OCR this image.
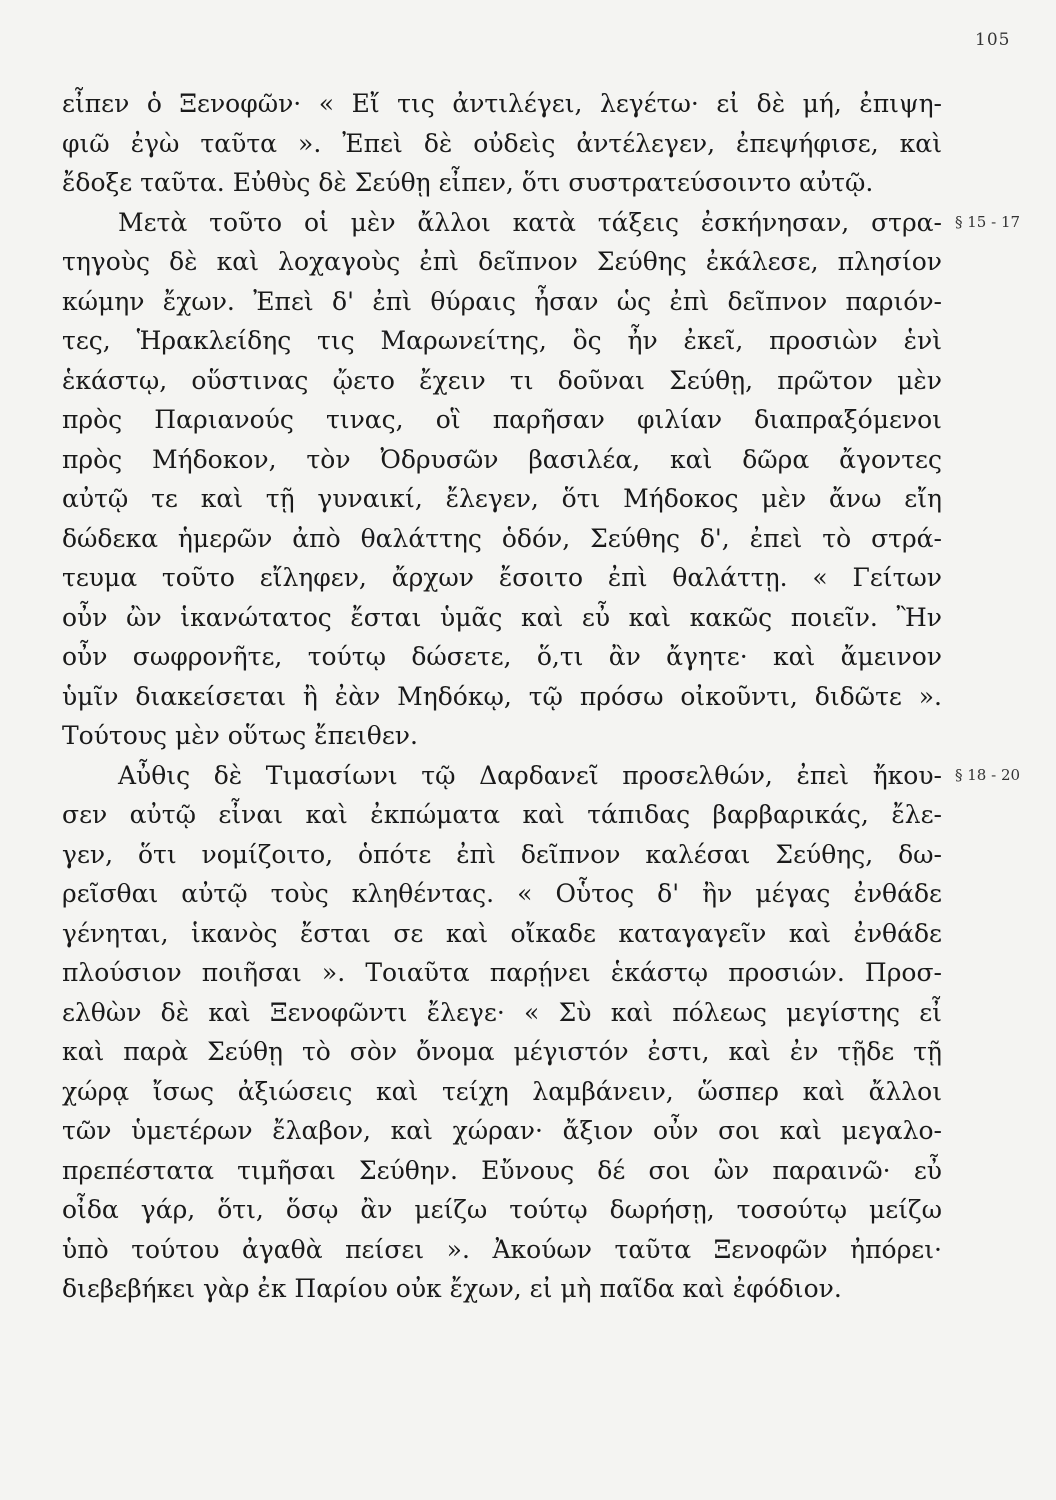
105
§ 15 - 17
§ 18 - 20
εἶπεν ὁ Ξενοφῶν· « Εἴ τις ἀντιλέγει, λεγέτω· εἰ δὲ μή, ἐπιψη-
φιῶ ἐγὼ ταῦτα ». Ἐπεὶ δὲ οὐδεὶς ἀντέλεγεν, ἐπεψήφισε, καὶ
ἔδοξε ταῦτα. Εὐθὺς δὲ Σεύθῃ εἶπεν, ὅτι συστρατεύσοιντο αὐτῷ.
Μετὰ τοῦτο οἱ μὲν ἄλλοι κατὰ τάξεις ἐσκήνησαν, στρα-
τηγοὺς δὲ καὶ λοχαγοὺς ἐπὶ δεῖπνον Σεύθης ἐκάλεσε, πλησίον
κώμην ἔχων. Ἐπεὶ δ' ἐπὶ θύραις ἦσαν ὡς ἐπὶ δεῖπνον παριόν-
τες, Ἡρακλείδης τις Μαρωνείτης, ὃς ἦν ἐκεῖ, προσιὼν ἑνὶ
ἑκάστῳ, οὕστινας ᾤετο ἔχειν τι δοῦναι Σεύθῃ, πρῶτον μὲν
πρὸς Παριανούς τινας, οἳ παρῆσαν φιλίαν διαπραξόμενοι
πρὸς Μήδοκον, τὸν Ὀδρυσῶν βασιλέα, καὶ δῶρα ἄγοντες
αὐτῷ τε καὶ τῇ γυναικί, ἔλεγεν, ὅτι Μήδοκος μὲν ἄνω εἴη
δώδεκα ἡμερῶν ἀπὸ θαλάττης ὁδόν, Σεύθης δ', ἐπεὶ τὸ στρά-
τευμα τοῦτο εἴληφεν, ἄρχων ἔσοιτο ἐπὶ θαλάττῃ. « Γείτων
οὖν ὢν ἱκανώτατος ἔσται ὑμᾶς καὶ εὖ καὶ κακῶς ποιεῖν. Ἢν
οὖν σωφρονῆτε, τούτῳ δώσετε, ὅ,τι ἂν ἄγητε· καὶ ἄμεινον
ὑμῖν διακείσεται ἢ ἐὰν Μηδόκῳ, τῷ πρόσω οἰκοῦντι, διδῶτε ».
Τούτους μὲν οὕτως ἔπειθεν.
Αὖθις δὲ Τιμασίωνι τῷ Δαρδανεῖ προσελθών, ἐπεὶ ἤκου-
σεν αὐτῷ εἶναι καὶ ἐκπώματα καὶ τάπιδας βαρβαρικάς, ἔλε-
γεν, ὅτι νομίζοιτο, ὁπότε ἐπὶ δεῖπνον καλέσαι Σεύθης, δω-
ρεῖσθαι αὐτῷ τοὺς κληθέντας. « Οὗτος δ' ἢν μέγας ἐνθάδε
γένηται, ἱκανὸς ἔσται σε καὶ οἴκαδε καταγαγεῖν καὶ ἐνθάδε
πλούσιον ποιῆσαι ». Τοιαῦτα παρῄνει ἑκάστῳ προσιών. Προσ-
ελθὼν δὲ καὶ Ξενοφῶντι ἔλεγε· « Σὺ καὶ πόλεως μεγίστης εἶ
καὶ παρὰ Σεύθῃ τὸ σὸν ὄνομα μέγιστόν ἐστι, καὶ ἐν τῇδε τῇ
χώρᾳ ἴσως ἀξιώσεις καὶ τείχη λαμβάνειν, ὥσπερ καὶ ἄλλοι
τῶν ὑμετέρων ἔλαβον, καὶ χώραν· ἄξιον οὖν σοι καὶ μεγαλο-
πρεπέστατα τιμῆσαι Σεύθην. Εὔνους δέ σοι ὢν παραινῶ· εὖ
οἶδα γάρ, ὅτι, ὅσῳ ἂν μείζω τούτῳ δωρήσῃ, τοσούτῳ μείζω
ὑπὸ τούτου ἀγαθὰ πείσει ». Ἀκούων ταῦτα Ξενοφῶν ἠπόρει·
διεβεβήκει γὰρ ἐκ Παρίου οὐκ ἔχων, εἰ μὴ παῖδα καὶ ἐφόδιον.
